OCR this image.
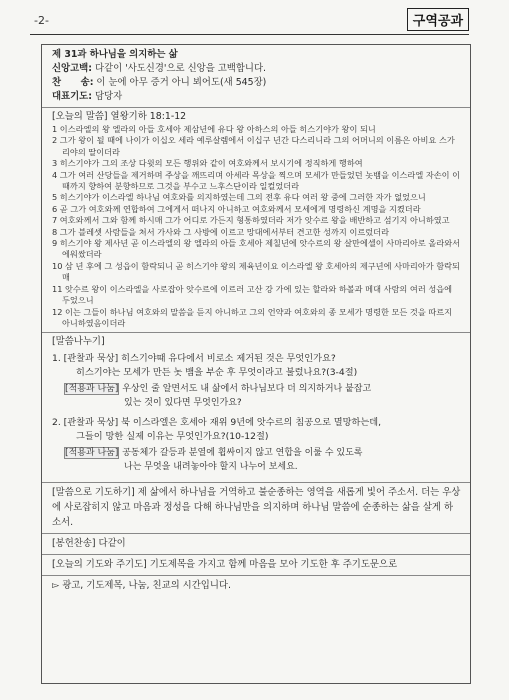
-2-	구역공과
제 31과 하나님을 의지하는 삶
신앙고백: 다같이 '사도신경'으로 신앙을 고백합니다.
찬      송: 이 눈에 아무 증거 아니 뵈어도(새 545장)
대표기도: 담당자
[오늘의 말씀] 열왕기하 18:1-12
1 이스라엘의 왕 엘라의 아들 호세아 제삼년에 유다 왕 아하스의 아들 히스기야가 왕이 되니
2 그가 왕이 될 때에 나이가 이십오 세라 예루살렘에서 이십구 년간 다스리니라 그의 어머니의 이름은 아비요 스가리야의 딸이더라
3 히스기야가 그의 조상 다윗의 모든 행위와 같이 여호와께서 보시기에 정직하게 행하여
4 그가 여러 산당들을 제거하며 주상을 깨뜨리며 아세라 목상을 찍으며 모세가 만들었던 놋뱀을 이스라엘 자손이 이때까지 향하여 분향하므로 그것을 부수고 느후스단이라 일컬었더라
5 히스기야가 이스라엘 하나님 여호와를 의지하였는데 그의 전후 유다 여러 왕 중에 그러한 자가 없었으니
6 곧 그가 여호와께 연합하여 그에게서 떠나지 아니하고 여호와께서 모세에게 명령하신 계명을 지켰더라
7 여호와께서 그와 함께 하시매 그가 어디로 가든지 형통하였더라 저가 앗수르 왕을 배반하고 섬기지 아니하였고
8 그가 블레셋 사람들을 쳐서 가사와 그 사방에 이르고 망대에서부터 견고한 성까지 이르렀더라
9 히스기야 왕 제사년 곧 이스라엘의 왕 엘라의 아들 호세아 제칠년에 앗수르의 왕 살만에셀이 사마리아로 올라와서 에워쌌더라
10 삼 년 후에 그 성읍이 함락되니 곧 히스기야 왕의 제육년이요 이스라엘 왕 호세아의 제구년에 사마리아가 함락되매
11 앗수르 왕이 이스라엘을 사로잡아 앗수르에 이르러 고산 강 가에 있는 할라와 하볼과 메대 사람의 여러 성읍에 두었으니
12 이는 그들이 하나님 여호와의 말씀을 듣지 아니하고 그의 언약과 여호와의 종 모세가 명령한 모든 것을 따르지 아니하였음이더라
[말씀나누기]
1. [관찰과 묵상] 히스기야때 유다에서 비로소 제거된 것은 무엇인가요?
히스기야는 모세가 만든 놋 뱀을 부순 후 무엇이라고 불렀나요?(3-4절)
[적용과 나눔] 우상인 줄 알면서도 내 삶에서 하나님보다 더 의지하거나 붙잡고
있는 것이 있다면 무엇인가요?
2. [관찰과 묵상] 북 이스라엘은 호세아 재위 9년에 앗수르의 침공으로 멸망하는데,
그들이 망한 실제 이유는 무엇인가요?(10-12절)
[적용과 나눔] 공동체가 갈등과 분열에 휩싸이지 않고 연합을 이룰 수 있도록
나는 무엇을 내려놓아야 할지 나누어 보세요.
[말씀으로 기도하기] 제 삶에서 하나님을 거역하고 불순종하는 영역을 새롭게 빛어 주소서. 더는 우상에 사로잡히지 않고 마음과 정성을 다해 하나님만을 의지하며 하나님 말씀에 순종하는 삶을 살게 하소서.
[봉헌찬송] 다같이
[오늘의 기도와 주기도] 기도제목을 가지고 함께 마음을 모아 기도한 후 주기도문으로
▻ 광고, 기도제목, 나눔, 친교의 시간입니다.
